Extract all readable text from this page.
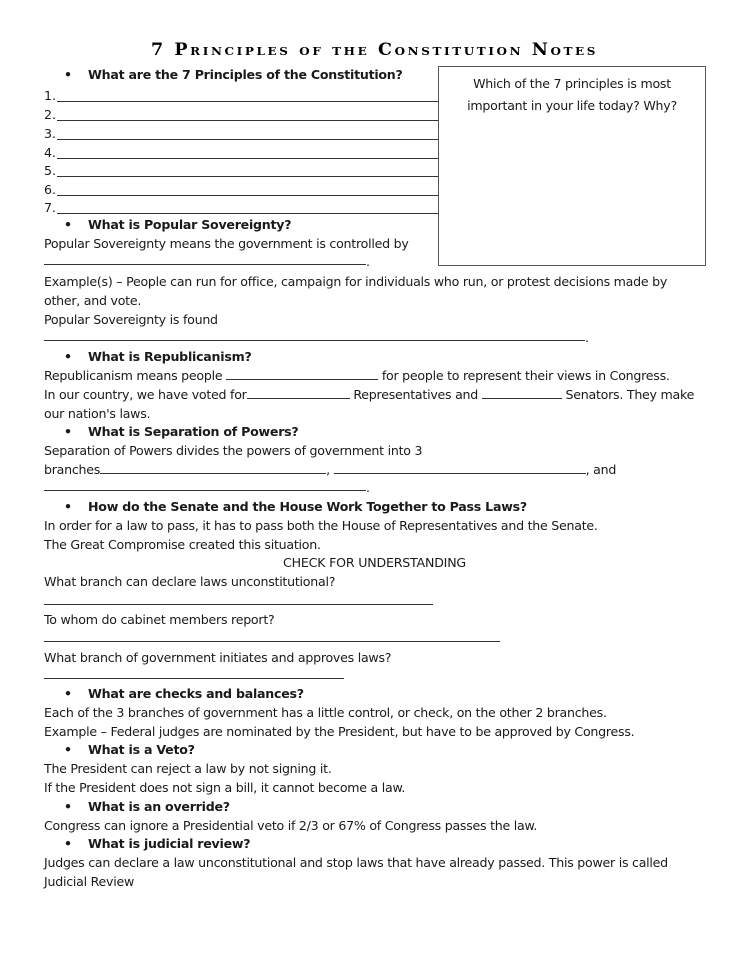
7 Principles of the Constitution Notes
• What are the 7 Principles of the Constitution?
1.
2.
3.
4.
5.
6.
7.
Which of the 7 principles is most
important in your life today? Why?
• What is Popular Sovereignty?
Popular Sovereignty means the government is controlled by
.
Example(s) – People can run for office, campaign for individuals who run, or protest decisions made by
other, and vote.
Popular Sovereignty is found
.
• What is Republicanism?
Republicanism means people	for people to represent their views in Congress.
In our country, we have voted for	Representatives and	Senators. They make
our nation's laws.
• What is Separation of Powers?
Separation of Powers divides the powers of government into 3
branches	,	, and
.
• How do the Senate and the House Work Together to Pass Laws?
In order for a law to pass, it has to pass both the House of Representatives and the Senate.
The Great Compromise created this situation.
CHECK FOR UNDERSTANDING
What branch can declare laws unconstitutional?
To whom do cabinet members report?
What branch of government initiates and approves laws?
• What are checks and balances?
Each of the 3 branches of government has a little control, or check, on the other 2 branches.
Example – Federal judges are nominated by the President, but have to be approved by Congress.
• What is a Veto?
The President can reject a law by not signing it.
If the President does not sign a bill, it cannot become a law.
• What is an override?
Congress can ignore a Presidential veto if 2/3 or 67% of Congress passes the law.
• What is judicial review?
Judges can declare a law unconstitutional and stop laws that have already passed. This power is called
Judicial Review
